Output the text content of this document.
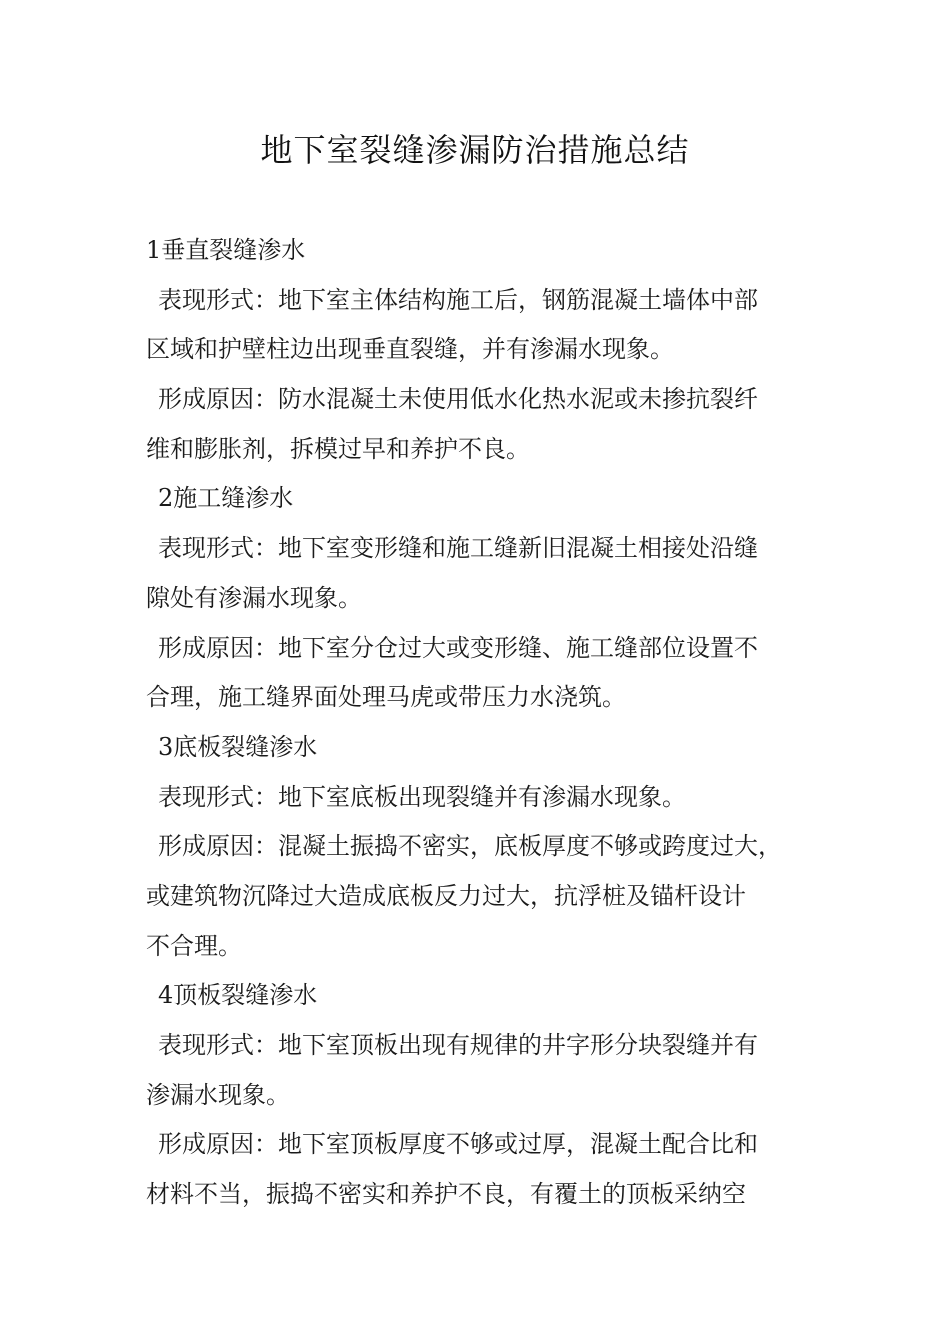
地下室裂缝渗漏防治措施总结
1垂直裂缝渗水
表现形式：地下室主体结构施工后，钢筋混凝土墙体中部
区域和护壁柱边出现垂直裂缝，并有渗漏水现象。
形成原因：防水混凝土未使用低水化热水泥或未掺抗裂纤
维和膨胀剂，拆模过早和养护不良。
2施工缝渗水
表现形式：地下室变形缝和施工缝新旧混凝土相接处沿缝
隙处有渗漏水现象。
形成原因：地下室分仓过大或变形缝、施工缝部位设置不
合理，施工缝界面处理马虎或带压力水浇筑。
3底板裂缝渗水
表现形式：地下室底板出现裂缝并有渗漏水现象。
形成原因：混凝土振捣不密实，底板厚度不够或跨度过大，
或建筑物沉降过大造成底板反力过大，抗浮桩及锚杆设计
不合理。
4顶板裂缝渗水
表现形式：地下室顶板出现有规律的井字形分块裂缝并有
渗漏水现象。
形成原因：地下室顶板厚度不够或过厚，混凝土配合比和
材料不当，振捣不密实和养护不良，有覆土的顶板采纳空
